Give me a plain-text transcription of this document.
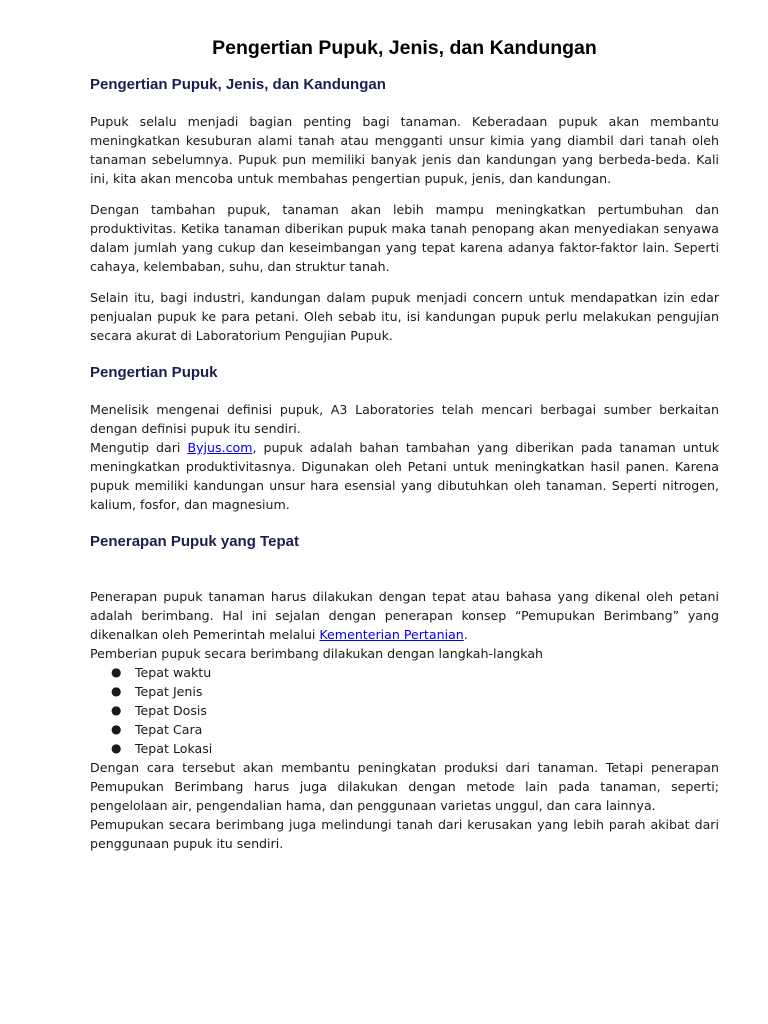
Pengertian Pupuk, Jenis, dan Kandungan
Pengertian Pupuk, Jenis, dan Kandungan

Pupuk selalu menjadi bagian penting bagi tanaman. Keberadaan pupuk akan membantu meningkatkan kesuburan alami tanah atau mengganti unsur kimia yang diambil dari tanah oleh tanaman sebelumnya. Pupuk pun memiliki banyak jenis dan kandungan yang berbeda-beda. Kali ini, kita akan mencoba untuk membahas pengertian pupuk, jenis, dan kandungan.

Dengan tambahan pupuk, tanaman akan lebih mampu meningkatkan pertumbuhan dan produktivitas. Ketika tanaman diberikan pupuk maka tanah penopang akan menyediakan senyawa dalam jumlah yang cukup dan keseimbangan yang tepat karena adanya faktor-faktor lain. Seperti cahaya, kelembaban, suhu, dan struktur tanah.

Selain itu, bagi industri, kandungan dalam pupuk menjadi concern untuk mendapatkan izin edar penjualan pupuk ke para petani. Oleh sebab itu, isi kandungan pupuk perlu melakukan pengujian secara akurat di Laboratorium Pengujian Pupuk.

Pengertian Pupuk

Menelisik mengenai definisi pupuk, A3 Laboratories telah mencari berbagai sumber berkaitan dengan definisi pupuk itu sendiri.

Mengutip dari Byjus.com, pupuk adalah bahan tambahan yang diberikan pada tanaman untuk meningkatkan produktivitasnya. Digunakan oleh Petani untuk meningkatkan hasil panen. Karena pupuk memiliki kandungan unsur hara esensial yang dibutuhkan oleh tanaman. Seperti nitrogen, kalium, fosfor, dan magnesium.

Penerapan Pupuk yang Tepat

Penerapan pupuk tanaman harus dilakukan dengan tepat atau bahasa yang dikenal oleh petani adalah berimbang. Hal ini sejalan dengan penerapan konsep “Pemupukan Berimbang” yang dikenalkan oleh Pemerintah melalui Kementerian Pertanian.

Pemberian pupuk secara berimbang dilakukan dengan langkah-langkah

● Tepat waktu
● Tepat Jenis
● Tepat Dosis
● Tepat Cara
● Tepat Lokasi

Dengan cara tersebut akan membantu peningkatan produksi dari tanaman. Tetapi penerapan Pemupukan Berimbang harus juga dilakukan dengan metode lain pada tanaman, seperti; pengelolaan air, pengendalian hama, dan penggunaan varietas unggul, dan cara lainnya.

Pemupukan secara berimbang juga melindungi tanah dari kerusakan yang lebih parah akibat dari penggunaan pupuk itu sendiri.
